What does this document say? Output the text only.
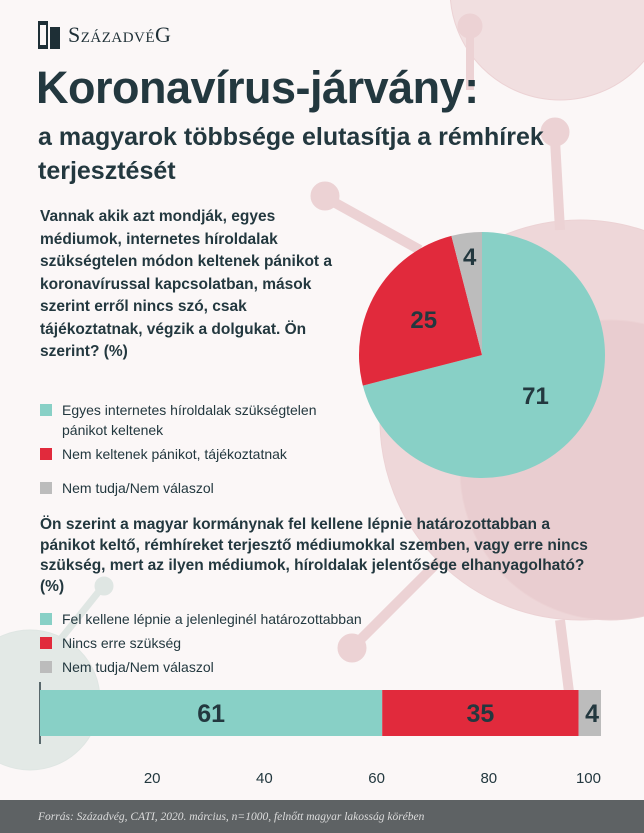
SzázadvéG
Koronavírus-járvány:
a magyarok többsége elutasítja a rémhírek terjesztését

Vannak akik azt mondják, egyes médiumok, internetes híroldalak szükségtelen módon keltenek pánikot a koronavírussal kapcsolatban, mások szerint erről nincs szó, csak tájékoztatnak, végzik a dolgukat. Ön szerint? (%)

Egyes internetes híroldalak szükségtelen pánikot keltenek
Nem keltenek pánikot, tájékoztatnak
Nem tudja/Nem válaszol
71
25
4

Ön szerint a magyar kormánynak fel kellene lépnie határozottabban a pánikot keltő, rémhíreket terjesztő médiumokkal szemben, vagy erre nincs szükség, mert az ilyen médiumok, híroldalak jelentősége elhanyagolható?(%)

Fel kellene lépnie a jelenleginél határozottabban
Nincs erre szükség
Nem tudja/Nem válaszol
61	35	4
20	40	60	80	100
Forrás: Századvég, CATI, 2020. március, n=1000, felnőtt magyar lakosság körében
